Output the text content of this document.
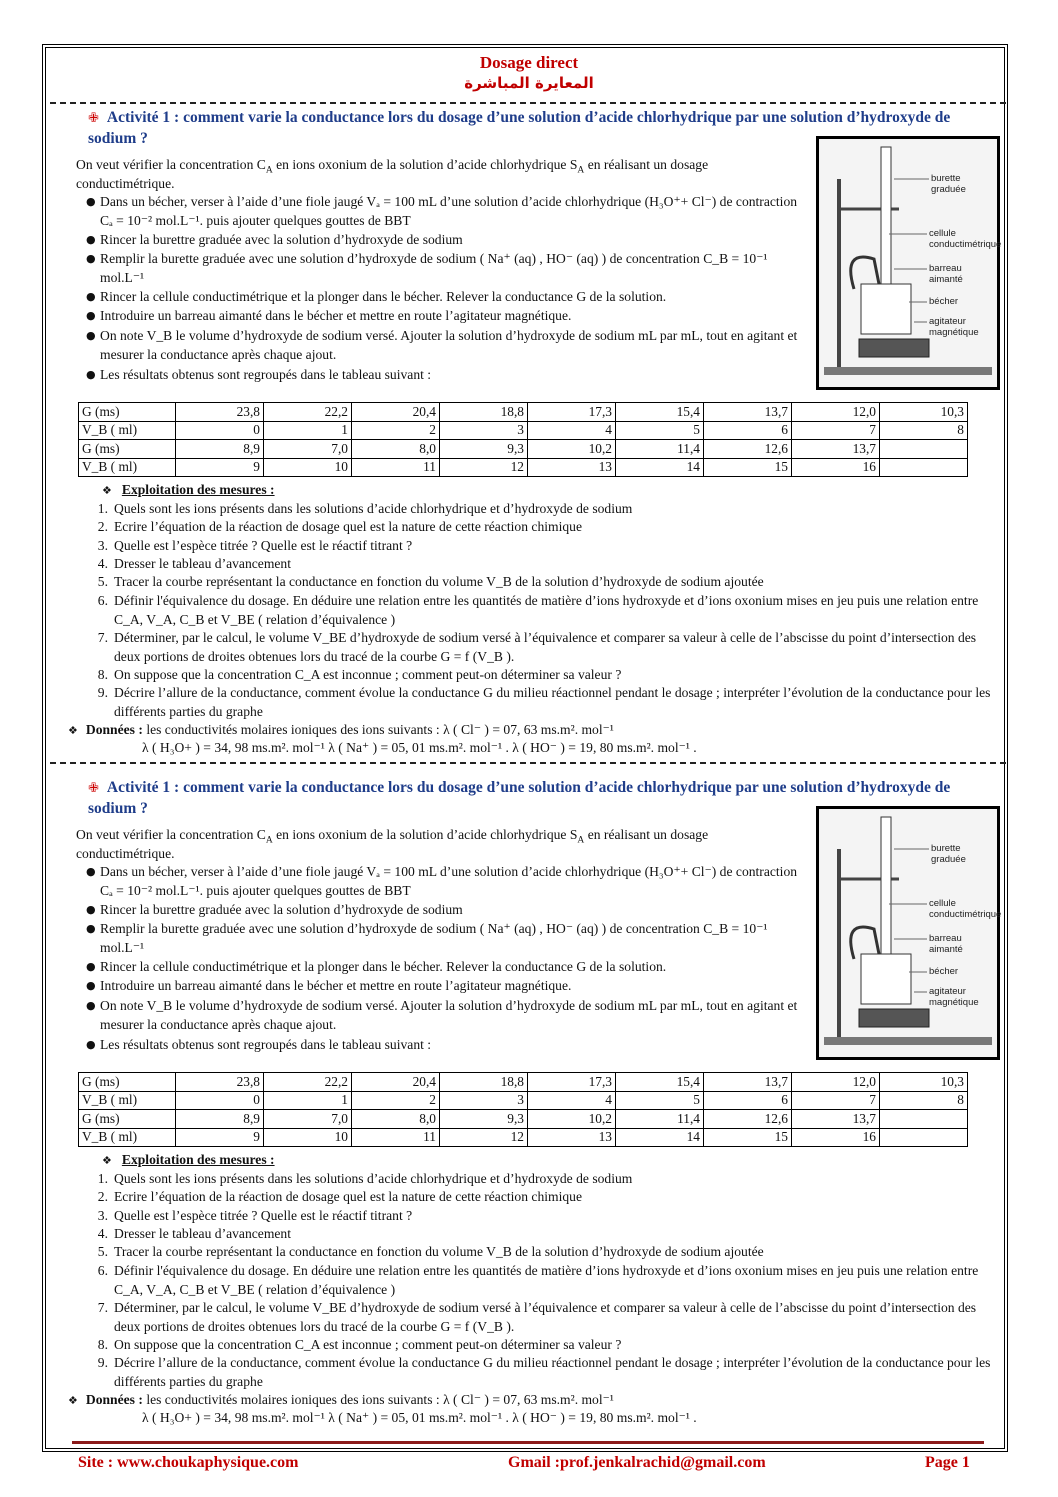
Dosage direct
المعايرة المباشرة
✙ Activité 1 : comment varie la conductance lors du dosage d’une solution d’acide chlorhydrique par une solution d’hydroxyde de sodium ?
On veut vérifier la concentration $C_A$ en ions oxonium de la solution d’acide chlorhydrique $S_A$ en réalisant un dosage conductimétrique.
● Dans un bécher, verser à l’aide d’une fiole jaugé Vₐ = 100 mL d’une solution d’acide chlorhydrique (H₃O⁺+ Cl⁻) de contraction Cₐ = 10⁻² mol.L⁻¹. puis ajouter quelques gouttes de BBT
● Rincer la burettre graduée avec la solution d’hydroxyde de sodium
● Remplir la burette graduée avec une solution d’hydroxyde de sodium ( Na⁺ (aq) , HO⁻ (aq) ) de concentration C_B = 10⁻¹ mol.L⁻¹
● Rincer la cellule conductimétrique et la plonger dans le bécher. Relever la conductance G de la solution.
● Introduire un barreau aimanté dans le bécher et mettre en route l’agitateur magnétique.
● On note V_B le volume d’hydroxyde de sodium versé. Ajouter la solution d’hydroxyde de sodium mL par mL, tout en agitant et mesurer la conductance après chaque ajout.
● Les résultats obtenus sont regroupés dans le tableau suivant :
burette graduée
cellule conductimétrique
barreau aimanté
bécher
agitateur magnétique
G (ms)	23,8	22,2	20,4	18,8	17,3	15,4	13,7	12,0	10,3
V_B ( ml)	0	1	2	3	4	5	6	7	8
G (ms)	8,9	7,0	8,0	9,3	10,2	11,4	12,6	13,7	
V_B ( ml)	9	10	11	12	13	14	15	16	
❖ Exploitation des mesures :
1. Quels sont les ions présents dans les solutions d’acide chlorhydrique et d’hydroxyde de sodium
2. Ecrire l’équation de la réaction de dosage quel est la nature de cette réaction chimique
3. Quelle est l’espèce titrée ? Quelle est le réactif titrant ?
4. Dresser le tableau d’avancement
5. Tracer la courbe représentant la conductance en fonction du volume V_B de la solution d’hydroxyde de sodium ajoutée
6. Définir l'équivalence du dosage. En déduire une relation entre les quantités de matière d’ions hydroxyde et d’ions oxonium mises en jeu puis une relation entre C_A, V_A, C_B et V_BE ( relation d’équivalence )
7. Déterminer, par le calcul, le volume V_BE d’hydroxyde de sodium versé à l’équivalence et comparer sa valeur à celle de l’abscisse du point d’intersection des deux portions de droites obtenues lors du tracé de la courbe G = f (V_B ).
8. On suppose que la concentration C_A est inconnue ; comment peut-on déterminer sa valeur ?
9. Décrire l’allure de la conductance, comment évolue la conductance G du milieu réactionnel pendant le dosage ; interpréter l’évolution de la conductance pour les différents parties du graphe
❖ Données : les conductivités molaires ioniques des ions suivants : λ ( Cl⁻ ) = 07, 63 ms.m². mol⁻¹
λ ( H₃O+ ) = 34, 98 ms.m². mol⁻¹ λ ( Na⁺ ) = 05, 01 ms.m². mol⁻¹ . λ ( HO⁻ ) = 19, 80 ms.m². mol⁻¹ .
✙ Activité 1 : comment varie la conductance lors du dosage d’une solution d’acide chlorhydrique par une solution d’hydroxyde de sodium ?
On veut vérifier la concentration $C_A$ en ions oxonium de la solution d’acide chlorhydrique $S_A$ en réalisant un dosage conductimétrique.
● Dans un bécher, verser à l’aide d’une fiole jaugé Vₐ = 100 mL d’une solution d’acide chlorhydrique (H₃O⁺+ Cl⁻) de contraction Cₐ = 10⁻² mol.L⁻¹. puis ajouter quelques gouttes de BBT
● Rincer la burettre graduée avec la solution d’hydroxyde de sodium
● Remplir la burette graduée avec une solution d’hydroxyde de sodium ( Na⁺ (aq) , HO⁻ (aq) ) de concentration C_B = 10⁻¹ mol.L⁻¹
● Rincer la cellule conductimétrique et la plonger dans le bécher. Relever la conductance G de la solution.
● Introduire un barreau aimanté dans le bécher et mettre en route l’agitateur magnétique.
● On note V_B le volume d’hydroxyde de sodium versé. Ajouter la solution d’hydroxyde de sodium mL par mL, tout en agitant et mesurer la conductance après chaque ajout.
● Les résultats obtenus sont regroupés dans le tableau suivant :
burette graduée
cellule conductimétrique
barreau aimanté
bécher
agitateur magnétique
G (ms)	23,8	22,2	20,4	18,8	17,3	15,4	13,7	12,0	10,3
V_B ( ml)	0	1	2	3	4	5	6	7	8
G (ms)	8,9	7,0	8,0	9,3	10,2	11,4	12,6	13,7	
V_B ( ml)	9	10	11	12	13	14	15	16	
❖ Exploitation des mesures :
1. Quels sont les ions présents dans les solutions d’acide chlorhydrique et d’hydroxyde de sodium
2. Ecrire l’équation de la réaction de dosage quel est la nature de cette réaction chimique
3. Quelle est l’espèce titrée ? Quelle est le réactif titrant ?
4. Dresser le tableau d’avancement
5. Tracer la courbe représentant la conductance en fonction du volume V_B de la solution d’hydroxyde de sodium ajoutée
6. Définir l'équivalence du dosage. En déduire une relation entre les quantités de matière d’ions hydroxyde et d’ions oxonium mises en jeu puis une relation entre C_A, V_A, C_B et V_BE ( relation d’équivalence )
7. Déterminer, par le calcul, le volume V_BE d’hydroxyde de sodium versé à l’équivalence et comparer sa valeur à celle de l’abscisse du point d’intersection des deux portions de droites obtenues lors du tracé de la courbe G = f (V_B ).
8. On suppose que la concentration C_A est inconnue ; comment peut-on déterminer sa valeur ?
9. Décrire l’allure de la conductance, comment évolue la conductance G du milieu réactionnel pendant le dosage ; interpréter l’évolution de la conductance pour les différents parties du graphe
❖ Données : les conductivités molaires ioniques des ions suivants : λ ( Cl⁻ ) = 07, 63 ms.m². mol⁻¹
λ ( H₃O+ ) = 34, 98 ms.m². mol⁻¹ λ ( Na⁺ ) = 05, 01 ms.m². mol⁻¹ . λ ( HO⁻ ) = 19, 80 ms.m². mol⁻¹ .
Site : www.choukaphysique.com	Gmail :prof.jenkalrachid@gmail.com	Page 1
